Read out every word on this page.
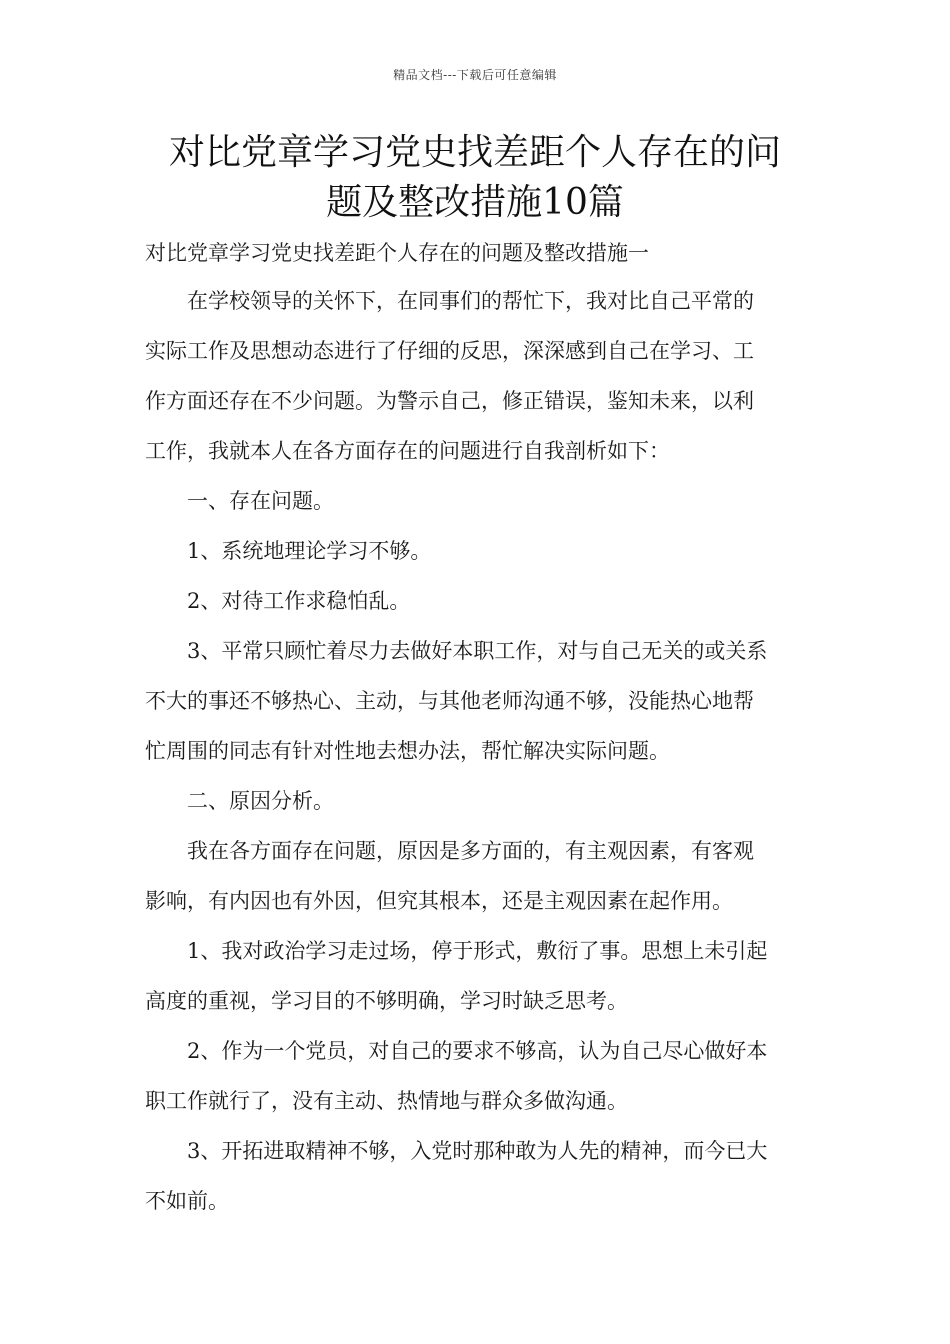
精品文档---下载后可任意编辑
对比党章学习党史找差距个人存在的问
题及整改措施10篇
对比党章学习党史找差距个人存在的问题及整改措施一
在学校领导的关怀下，在同事们的帮忙下，我对比自己平常的
实际工作及思想动态进行了仔细的反思，深深感到自己在学习、工
作方面还存在不少问题。为警示自己，修正错误，鉴知未来，以利
工作，我就本人在各方面存在的问题进行自我剖析如下：
一、存在问题。
1、系统地理论学习不够。
2、对待工作求稳怕乱。
3、平常只顾忙着尽力去做好本职工作，对与自己无关的或关系
不大的事还不够热心、主动，与其他老师沟通不够，没能热心地帮
忙周围的同志有针对性地去想办法，帮忙解决实际问题。
二、原因分析。
我在各方面存在问题，原因是多方面的，有主观因素，有客观
影响，有内因也有外因，但究其根本，还是主观因素在起作用。
1、我对政治学习走过场，停于形式，敷衍了事。思想上未引起
高度的重视，学习目的不够明确，学习时缺乏思考。
2、作为一个党员，对自己的要求不够高，认为自己尽心做好本
职工作就行了，没有主动、热情地与群众多做沟通。
3、开拓进取精神不够，入党时那种敢为人先的精神，而今已大
不如前。
